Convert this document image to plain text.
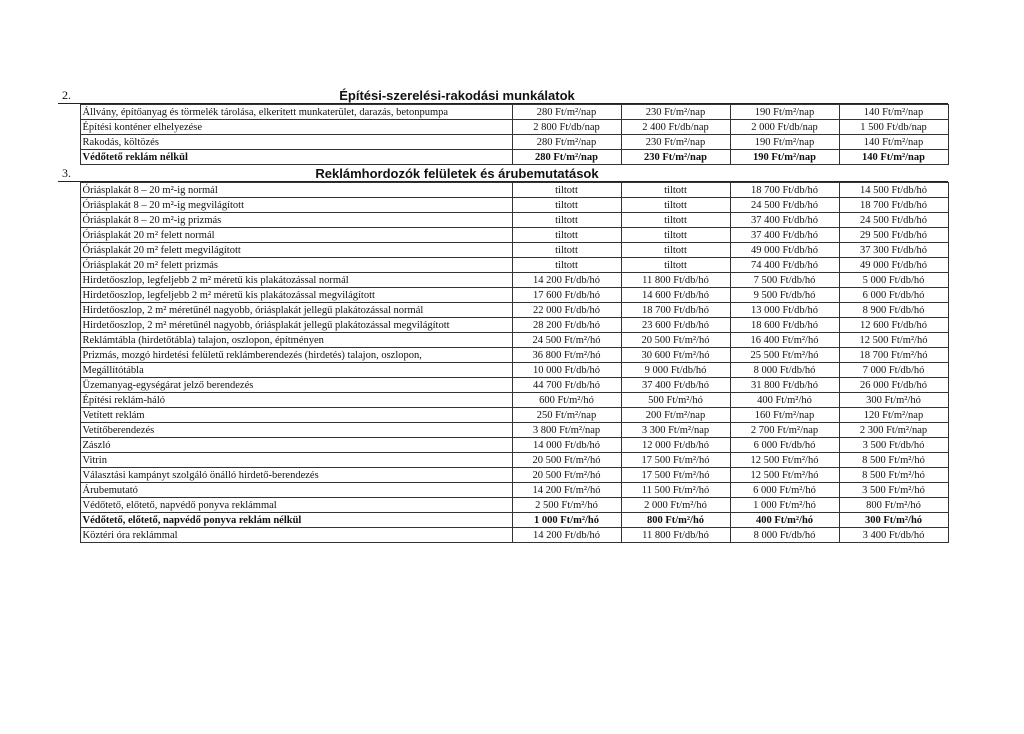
2.	Építési-szerelési-rakodási munkálatok
	Állvány, építőanyag és törmelék tárolása, elkerített munkaterület, darazás, betonpumpa	280 Ft/m²/nap	230 Ft/m²/nap	190 Ft/m²/nap	140 Ft/m²/nap
	Építési konténer elhelyezése	2 800 Ft/db/nap	2 400 Ft/db/nap	2 000 Ft/db/nap	1 500 Ft/db/nap
	Rakodás, költözés	280 Ft/m²/nap	230 Ft/m²/nap	190 Ft/m²/nap	140 Ft/m²/nap
	Védőtető reklám nélkül	280 Ft/m²/nap	230 Ft/m²/nap	190 Ft/m²/nap	140 Ft/m²/nap
3.	Reklámhordozók felületek és árubemutatások
	Óriásplakát 8 – 20 m²-ig normál	tiltott	tiltott	18 700 Ft/db/hó	14 500 Ft/db/hó
	Óriásplakát 8 – 20 m²-ig megvilágított	tiltott	tiltott	24 500 Ft/db/hó	18 700 Ft/db/hó
	Óriásplakát 8 – 20 m²-ig prizmás	tiltott	tiltott	37 400 Ft/db/hó	24 500 Ft/db/hó
	Óriásplakát 20 m² felett normál	tiltott	tiltott	37 400 Ft/db/hó	29 500 Ft/db/hó
	Óriásplakát 20 m² felett megvilágított	tiltott	tiltott	49 000 Ft/db/hó	37 300 Ft/db/hó
	Óriásplakát 20 m² felett prizmás	tiltott	tiltott	74 400 Ft/db/hó	49 000 Ft/db/hó
	Hirdetőoszlop, legfeljebb 2 m² méretű kis plakátozással normál	14 200 Ft/db/hó	11 800 Ft/db/hó	7 500 Ft/db/hó	5 000 Ft/db/hó
	Hirdetőoszlop, legfeljebb 2 m² méretű kis plakátozással megvilágított	17 600 Ft/db/hó	14 600 Ft/db/hó	9 500 Ft/db/hó	6 000 Ft/db/hó
	Hirdetőoszlop, 2 m² méretűnél nagyobb, óriásplakát jellegű plakátozással normál	22 000 Ft/db/hó	18 700 Ft/db/hó	13 000 Ft/db/hó	8 900 Ft/db/hó
	Hirdetőoszlop, 2 m² méretűnél nagyobb, óriásplakát jellegű plakátozással megvilágított	28 200 Ft/db/hó	23 600 Ft/db/hó	18 600 Ft/db/hó	12 600 Ft/db/hó
	Reklámtábla (hirdetőtábla) talajon, oszlopon, építményen	24 500 Ft/m²/hó	20 500 Ft/m²/hó	16 400 Ft/m²/hó	12 500 Ft/m²/hó
	Prizmás, mozgó hirdetési felületű reklámberendezés (hirdetés) talajon, oszlopon,	36 800 Ft/m²/hó	30 600 Ft/m²/hó	25 500 Ft/m²/hó	18 700 Ft/m²/hó
	Megállítótábla	10 000 Ft/db/hó	9 000 Ft/db/hó	8 000 Ft/db/hó	7 000 Ft/db/hó
	Üzemanyag-egységárat jelző berendezés	44 700 Ft/db/hó	37 400 Ft/db/hó	31 800 Ft/db/hó	26 000 Ft/db/hó
	Építési reklám-háló	600 Ft/m²/hó	500 Ft/m²/hó	400 Ft/m²/hó	300 Ft/m²/hó
	Vetített reklám	250 Ft/m²/nap	200 Ft/m²/nap	160 Ft/m²/nap	120 Ft/m²/nap
	Vetítőberendezés	3 800 Ft/m²/nap	3 300 Ft/m²/nap	2 700 Ft/m²/nap	2 300 Ft/m²/nap
	Zászló	14 000 Ft/db/hó	12 000 Ft/db/hó	6 000 Ft/db/hó	3 500 Ft/db/hó
	Vitrin	20 500 Ft/m²/hó	17 500 Ft/m²/hó	12 500 Ft/m²/hó	8 500 Ft/m²/hó
	Választási kampányt szolgáló önálló hirdető-berendezés	20 500 Ft/m²/hó	17 500 Ft/m²/hó	12 500 Ft/m²/hó	8 500 Ft/m²/hó
	Árubemutató	14 200 Ft/m²/hó	11 500 Ft/m²/hó	6 000 Ft/m²/hó	3 500 Ft/m²/hó
	Védőtető, előtető, napvédő ponyva reklámmal	2 500 Ft/m²/hó	2 000 Ft/m²/hó	1 000 Ft/m²/hó	800 Ft/m²/hó
	Védőtető, előtető, napvédő ponyva reklám nélkül	1 000 Ft/m²/hó	800 Ft/m²/hó	400 Ft/m²/hó	300 Ft/m²/hó
	Köztéri óra reklámmal	14 200 Ft/db/hó	11 800 Ft/db/hó	8 000 Ft/db/hó	3 400 Ft/db/hó
